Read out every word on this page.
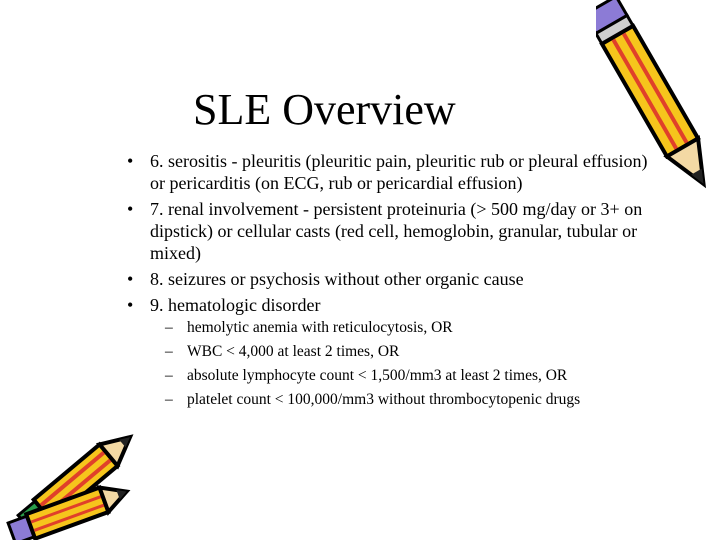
SLE Overview
• 6. serositis - pleuritis (pleuritic pain, pleuritic rub or pleural effusion) or pericarditis (on ECG, rub or pericardial effusion)
• 7. renal involvement - persistent proteinuria (> 500 mg/day or 3+ on dipstick) or cellular casts (red cell, hemoglobin, granular, tubular or mixed)
• 8. seizures or psychosis without other organic cause
• 9. hematologic disorder
– hemolytic anemia with reticulocytosis, OR
– WBC < 4,000 at least 2 times, OR
– absolute lymphocyte count < 1,500/mm3 at least 2 times, OR
– platelet count < 100,000/mm3 without thrombocytopenic drugs
